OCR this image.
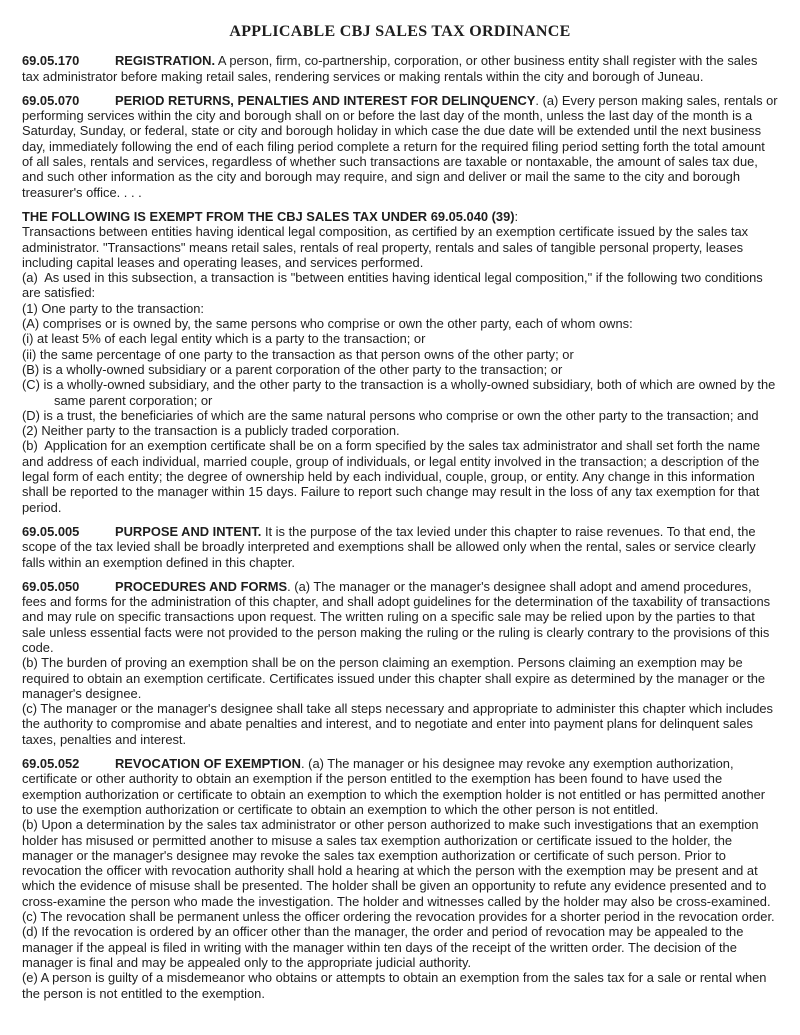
APPLICABLE CBJ SALES TAX ORDINANCE

69.05.170	REGISTRATION. A person, firm, co-partnership, corporation, or other business entity shall register with the sales tax administrator before making retail sales, rendering services or making rentals within the city and borough of Juneau.

69.05.070	PERIOD RETURNS, PENALTIES AND INTEREST FOR DELINQUENCY. (a) Every person making sales, rentals or performing services within the city and borough shall on or before the last day of the month, unless the last day of the month is a Saturday, Sunday, or federal, state or city and borough holiday in which case the due date will be extended until the next business day, immediately following the end of each filing period complete a return for the required filing period setting forth the total amount of all sales, rentals and services, regardless of whether such transactions are taxable or nontaxable, the amount of sales tax due, and such other information as the city and borough may require, and sign and deliver or mail the same to the city and borough treasurer's office. . . .

THE FOLLOWING IS EXEMPT FROM THE CBJ SALES TAX UNDER 69.05.040 (39):

Transactions between entities having identical legal composition, as certified by an exemption certificate issued by the sales tax administrator. "Transactions" means retail sales, rentals of real property, rentals and sales of tangible personal property, leases including capital leases and operating leases, and services performed.

(a)  As used in this subsection, a transaction is "between entities having identical legal composition," if the following two conditions are satisfied:

(1) One party to the transaction:

(A) comprises or is owned by, the same persons who comprise or own the other party, each of whom owns:

(i) at least 5% of each legal entity which is a party to the transaction; or

(ii) the same percentage of one party to the transaction as that person owns of the other party; or

(B) is a wholly-owned subsidiary or a parent corporation of the other party to the transaction; or

(C) is a wholly-owned subsidiary, and the other party to the transaction is a wholly-owned subsidiary, both of which are owned by the same parent corporation; or

(D) is a trust, the beneficiaries of which are the same natural persons who comprise or own the other party to the transaction; and

(2) Neither party to the transaction is a publicly traded corporation.

(b)  Application for an exemption certificate shall be on a form specified by the sales tax administrator and shall set forth the name and address of each individual, married couple, group of individuals, or legal entity involved in the transaction; a description of the legal form of each entity; the degree of ownership held by each individual, couple, group, or entity. Any change in this information shall be reported to the manager within 15 days. Failure to report such change may result in the loss of any tax exemption for that period.

69.05.005	PURPOSE AND INTENT. It is the purpose of the tax levied under this chapter to raise revenues. To that end, the scope of the tax levied shall be broadly interpreted and exemptions shall be allowed only when the rental, sales or service clearly falls within an exemption defined in this chapter.

69.05.050	PROCEDURES AND FORMS. (a) The manager or the manager's designee shall adopt and amend procedures, fees and forms for the administration of this chapter, and shall adopt guidelines for the determination of the taxability of transactions and may rule on specific transactions upon request. The written ruling on a specific sale may be relied upon by the parties to that sale unless essential facts were not provided to the person making the ruling or the ruling is clearly contrary to the provisions of this code.

(b) The burden of proving an exemption shall be on the person claiming an exemption. Persons claiming an exemption may be required to obtain an exemption certificate. Certificates issued under this chapter shall expire as determined by the manager or the manager's designee.

(c) The manager or the manager's designee shall take all steps necessary and appropriate to administer this chapter which includes the authority to compromise and abate penalties and interest, and to negotiate and enter into payment plans for delinquent sales taxes, penalties and interest.

69.05.052	REVOCATION OF EXEMPTION. (a) The manager or his designee may revoke any exemption authorization, certificate or other authority to obtain an exemption if the person entitled to the exemption has been found to have used the exemption authorization or certificate to obtain an exemption to which the exemption holder is not entitled or has permitted another to use the exemption authorization or certificate to obtain an exemption to which the other person is not entitled.

(b) Upon a determination by the sales tax administrator or other person authorized to make such investigations that an exemption holder has misused or permitted another to misuse a sales tax exemption authorization or certificate issued to the holder, the manager or the manager's designee may revoke the sales tax exemption authorization or certificate of such person. Prior to revocation the officer with revocation authority shall hold a hearing at which the person with the exemption may be present and at which the evidence of misuse shall be presented. The holder shall be given an opportunity to refute any evidence presented and to cross-examine the person who made the investigation. The holder and witnesses called by the holder may also be cross-examined.

(c) The revocation shall be permanent unless the officer ordering the revocation provides for a shorter period in the revocation order.

(d) If the revocation is ordered by an officer other than the manager, the order and period of revocation may be appealed to the manager if the appeal is filed in writing with the manager within ten days of the receipt of the written order. The decision of the manager is final and may be appealed only to the appropriate judicial authority.

(e) A person is guilty of a misdemeanor who obtains or attempts to obtain an exemption from the sales tax for a sale or rental when the person is not entitled to the exemption.
